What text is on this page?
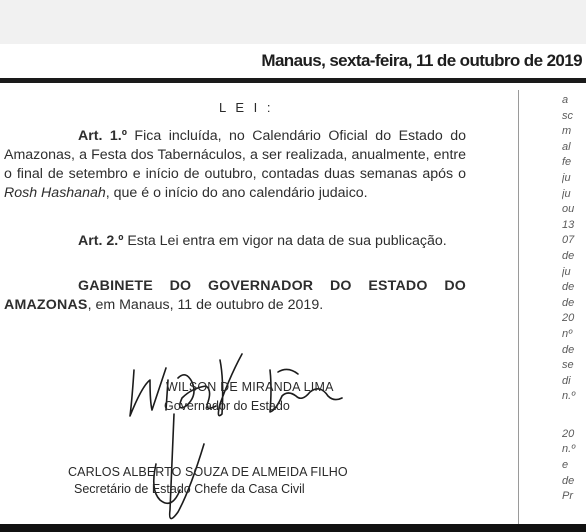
Manaus, sexta-feira, 11 de outubro de 2019

L E I :

Art. 1.º Fica incluída, no Calendário Oficial do Estado do Amazonas, a Festa dos Tabernáculos, a ser realizada, anualmente, entre o final de setembro e início de outubro, contadas duas semanas após o Rosh Hashanah, que é o início do ano calendário judaico.

Art. 2.º Esta Lei entra em vigor na data de sua publicação.

GABINETE DO GOVERNADOR DO ESTADO DO AMAZONAS, em Manaus, 11 de outubro de 2019.

WILSON DE MIRANDA LIMA

Governador do Estado

CARLOS ALBERTO SOUZA DE ALMEIDA FILHO

Secretário de Estado Chefe da Casa Civil

a
sc
m
al
fe
ju
ju
ou
13
07
de
ju
de
de
20
nº
de
se
di
n.º
20
n.º
e
de
Pr
